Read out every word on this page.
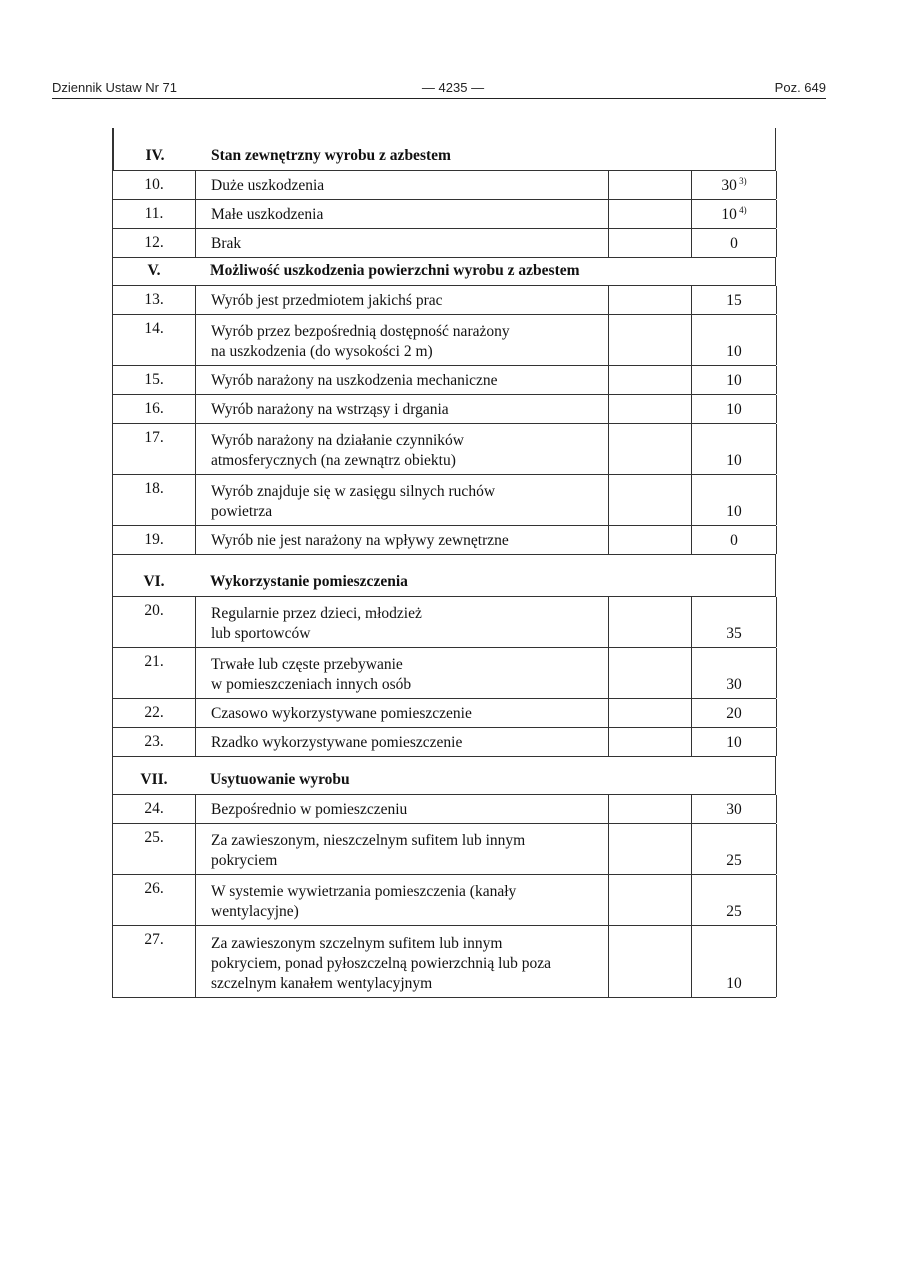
Dziennik Ustaw Nr 71	— 4235 —	Poz. 649
IV.	Stan zewnętrzny wyrobu z azbestem
10.	Duże uszkodzenia	30 $^{3)}$
11.	Małe uszkodzenia	10 $^{4)}$
12.	Brak	0
V.	Możliwość uszkodzenia powierzchni wyrobu z azbestem
13.	Wyrób jest przedmiotem jakichś prac	15
14.	Wyrób przez bezpośrednią dostępność narażony
na uszkodzenia (do wysokości 2 m)	10
15.	Wyrób narażony na uszkodzenia mechaniczne	10
16.	Wyrób narażony na wstrząsy i drgania	10
17.	Wyrób narażony na działanie czynników
atmosferycznych (na zewnątrz obiektu)	10
18.	Wyrób znajduje się w zasięgu silnych ruchów
powietrza	10
19.	Wyrób nie jest narażony na wpływy zewnętrzne	0
VI.	Wykorzystanie pomieszczenia
20.	Regularnie przez dzieci, młodzież
lub sportowców	35
21.	Trwałe lub częste przebywanie
w pomieszczeniach innych osób	30
22.	Czasowo wykorzystywane pomieszczenie	20
23.	Rzadko wykorzystywane pomieszczenie	10
VII.	Usytuowanie wyrobu
24.	Bezpośrednio w pomieszczeniu	30
25.	Za zawieszonym, nieszczelnym sufitem lub innym
pokryciem	25
26.	W systemie wywietrzania pomieszczenia (kanały
wentylacyjne)	25
27.	Za zawieszonym szczelnym sufitem lub innym
pokryciem, ponad pyłoszczelną powierzchnią lub poza
szczelnym kanałem wentylacyjnym	10
